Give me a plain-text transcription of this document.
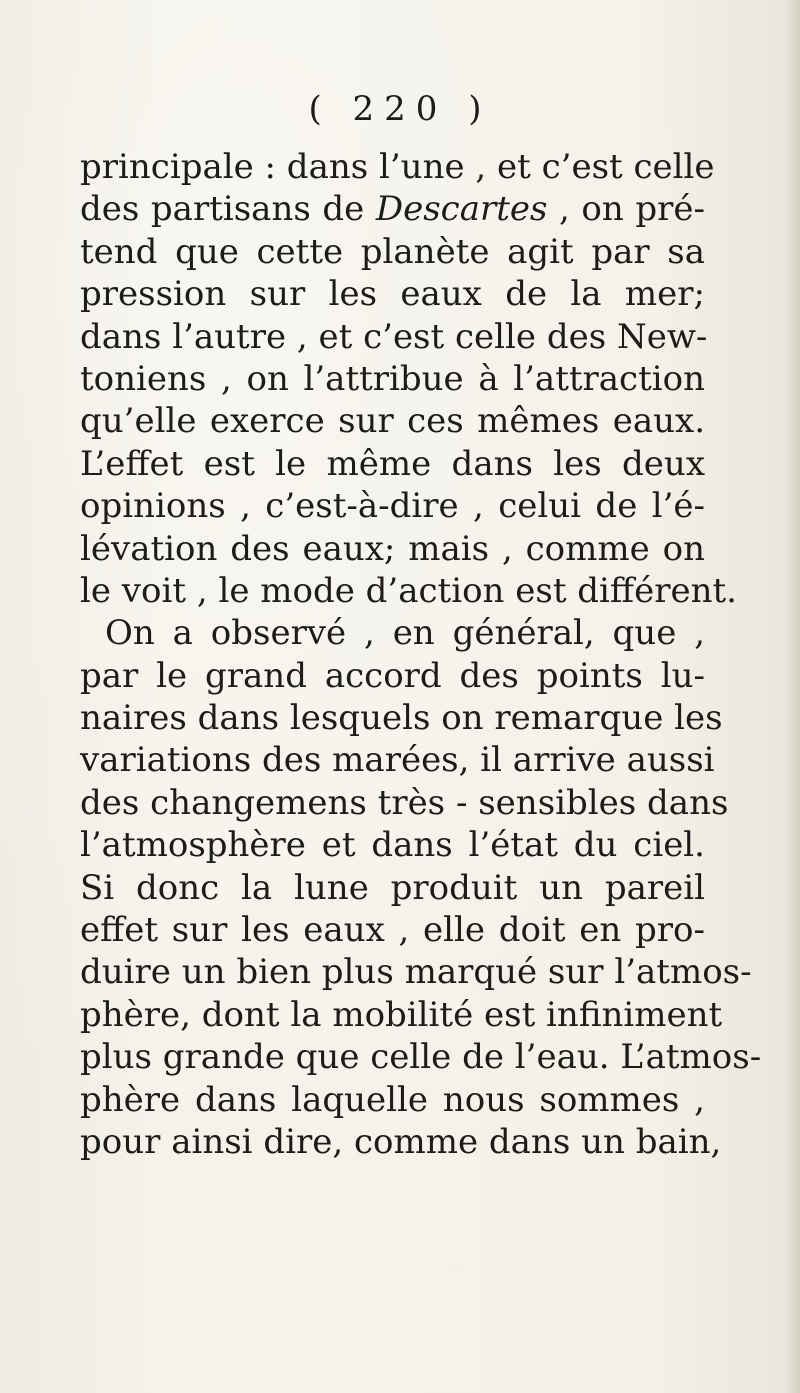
( 220 )
principale : dans l’une , et c’est celle
des partisans de Descartes , on pré-
tend que cette planète agit par sa
pression sur les eaux de la mer;
dans l’autre , et c’est celle des New-
toniens , on l’attribue à l’attraction
qu’elle exerce sur ces mêmes eaux.
L’effet est le même dans les deux
opinions , c’est-à-dire , celui de l’é-
lévation des eaux; mais , comme on
le voit , le mode d’action est différent.
On a observé , en général, que ,
par le grand accord des points lu-
naires dans lesquels on remarque les
variations des marées, il arrive aussi
des changemens très - sensibles dans
l’atmosphère et dans l’état du ciel.
Si donc la lune produit un pareil
effet sur les eaux , elle doit en pro-
duire un bien plus marqué sur l’atmos-
phère, dont la mobilité est infiniment
plus grande que celle de l’eau. L’atmos-
phère dans laquelle nous sommes ,
pour ainsi dire, comme dans un bain,
